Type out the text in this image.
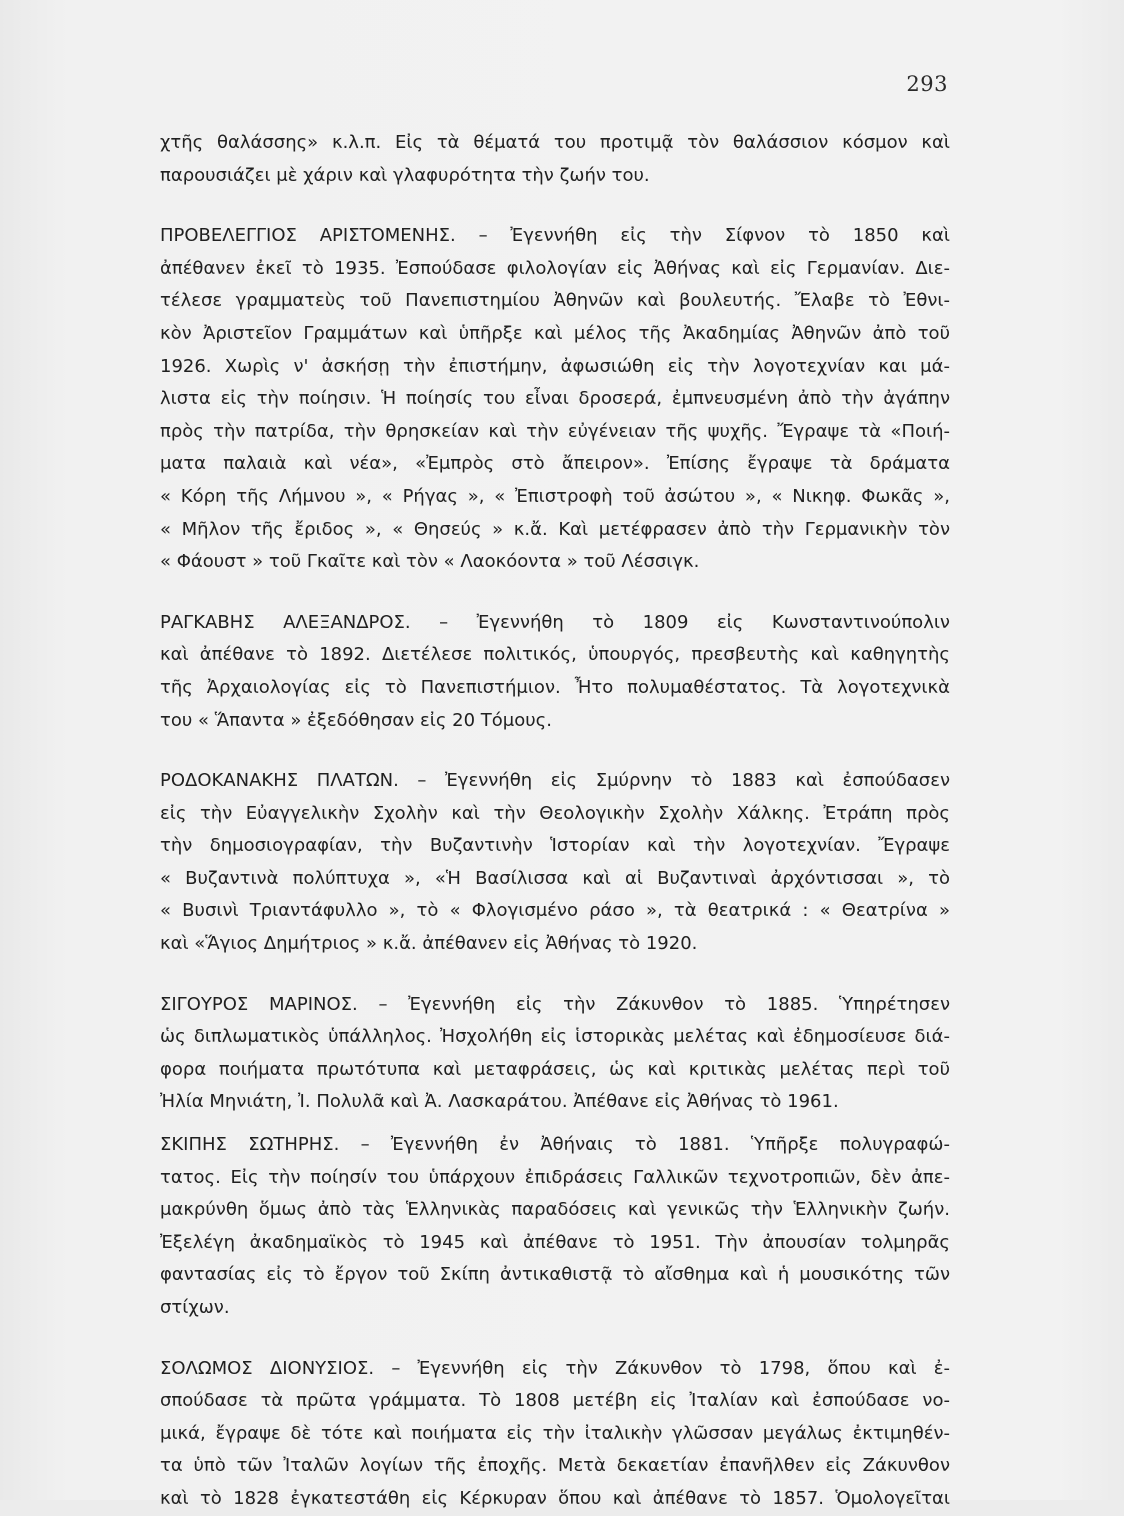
293
χτῆς θαλάσσης» κ.λ.π. Εἰς τὰ θέματά του προτιμᾷ τὸν θαλάσσιον κόσμον καὶ
παρουσιάζει μὲ χάριν καὶ γλαφυρότητα τὴν ζωήν του.
ΠΡΟΒΕΛΕΓΓΙΟΣ ΑΡΙΣΤΟΜΕΝΗΣ. – Ἐγεννήθη εἰς τὴν Σίφνον τὸ 1850 καὶ
ἀπέθανεν ἐκεῖ τὸ 1935. Ἐσπούδασε φιλολογίαν εἰς Ἀθήνας καὶ εἰς Γερμανίαν. Διε-
τέλεσε γραμματεὺς τοῦ Πανεπιστημίου Ἀθηνῶν καὶ βουλευτής. Ἔλαβε τὸ Ἐθνι-
κὸν Ἀριστεῖον Γραμμάτων καὶ ὑπῆρξε καὶ μέλος τῆς Ἀκαδημίας Ἀθηνῶν ἀπὸ τοῦ
1926. Χωρὶς ν' ἀσκήσῃ τὴν ἐπιστήμην, ἀφωσιώθη εἰς τὴν λογοτεχνίαν και μά-
λιστα εἰς τὴν ποίησιν. Ἡ ποίησίς του εἶναι δροσερά, ἐμπνευσμένη ἀπὸ τὴν ἀγάπην
πρὸς τὴν πατρίδα, τὴν θρησκείαν καὶ τὴν εὐγένειαν τῆς ψυχῆς. Ἔγραψε τὰ «Ποιή-
ματα παλαιὰ καὶ νέα», «Ἐμπρὸς στὸ ἄπειρον». Ἐπίσης ἔγραψε τὰ δράματα
« Κόρη τῆς Λήμνου », « Ρήγας », « Ἐπιστροφὴ τοῦ ἀσώτου », « Νικηφ. Φωκᾶς »,
« Μῆλον τῆς ἔριδος », « Θησεύς » κ.ἄ. Καὶ μετέφρασεν ἀπὸ τὴν Γερμανικὴν τὸν
« Φάουστ » τοῦ Γκαῖτε καὶ τὸν « Λαοκόοντα » τοῦ Λέσσιγκ.
ΡΑΓΚΑΒΗΣ ΑΛΕΞΑΝΔΡΟΣ. – Ἐγεννήθη τὸ 1809 εἰς Κωνσταντινούπολιν
καὶ ἀπέθανε τὸ 1892. Διετέλεσε πολιτικός, ὑπουργός, πρεσβευτὴς καὶ καθηγητὴς
τῆς Ἀρχαιολογίας εἰς τὸ Πανεπιστήμιον. Ἦτο πολυμαθέστατος. Τὰ λογοτεχνικὰ
του « Ἅπαντα » ἐξεδόθησαν εἰς 20 Τόμους.
ΡΟΔΟΚΑΝΑΚΗΣ ΠΛΑΤΩΝ. – Ἐγεννήθη εἰς Σμύρνην τὸ 1883 καὶ ἐσπούδασεν
εἰς τὴν Εὐαγγελικὴν Σχολὴν καὶ τὴν Θεολογικὴν Σχολὴν Χάλκης. Ἐτράπη πρὸς
τὴν δημοσιογραφίαν, τὴν Βυζαντινὴν Ἱστορίαν καὶ τὴν λογοτεχνίαν. Ἔγραψε
« Βυζαντινὰ πολύπτυχα », «Ἡ Βασίλισσα καὶ αἱ Βυζαντιναὶ ἀρχόντισσαι », τὸ
« Βυσινὶ Τριαντάφυλλο », τὸ « Φλογισμένο ράσο », τὰ θεατρικά : « Θεατρίνα »
καὶ «Ἅγιος Δημήτριος » κ.ἄ. ἀπέθανεν εἰς Ἀθήνας τὸ 1920.
ΣΙΓΟΥΡΟΣ ΜΑΡΙΝΟΣ. – Ἐγεννήθη εἰς τὴν Ζάκυνθον τὸ 1885. Ὑπηρέτησεν
ὡς διπλωματικὸς ὑπάλληλος. Ἠσχολήθη εἰς ἱστορικὰς μελέτας καὶ ἐδημοσίευσε διά-
φορα ποιήματα πρωτότυπα καὶ μεταφράσεις, ὡς καὶ κριτικὰς μελέτας περὶ τοῦ
Ἠλία Μηνιάτη, Ἰ. Πολυλᾶ καὶ Ἀ. Λασκαράτου. Ἀπέθανε εἰς Ἀθήνας τὸ 1961.
ΣΚΙΠΗΣ ΣΩΤΗΡΗΣ. – Ἐγεννήθη ἐν Ἀθήναις τὸ 1881. Ὑπῆρξε πολυγραφώ-
τατος. Εἰς τὴν ποίησίν του ὑπάρχουν ἐπιδράσεις Γαλλικῶν τεχνοτροπιῶν, δὲν ἀπε-
μακρύνθη ὅμως ἀπὸ τὰς Ἑλληνικὰς παραδόσεις καὶ γενικῶς τὴν Ἑλληνικὴν ζωήν.
Ἐξελέγη ἀκαδημαϊκὸς τὸ 1945 καὶ ἀπέθανε τὸ 1951. Τὴν ἀπουσίαν τολμηρᾶς
φαντασίας εἰς τὸ ἔργον τοῦ Σκίπη ἀντικαθιστᾷ τὸ αἴσθημα καὶ ἡ μουσικότης τῶν
στίχων.
ΣΟΛΩΜΟΣ ΔΙΟΝΥΣΙΟΣ. – Ἐγεννήθη εἰς τὴν Ζάκυνθον τὸ 1798, ὅπου καὶ ἐ-
σπούδασε τὰ πρῶτα γράμματα. Τὸ 1808 μετέβη εἰς Ἰταλίαν καὶ ἐσπούδασε νο-
μικά, ἔγραψε δὲ τότε καὶ ποιήματα εἰς τὴν ἰταλικὴν γλῶσσαν μεγάλως ἐκτιμηθέν-
τα ὑπὸ τῶν Ἰταλῶν λογίων τῆς ἐποχῆς. Μετὰ δεκαετίαν ἐπανῆλθεν εἰς Ζάκυνθον
καὶ τὸ 1828 ἐγκατεστάθη εἰς Κέρκυραν ὅπου καὶ ἀπέθανε τὸ 1857. Ὁμολογεῖται
